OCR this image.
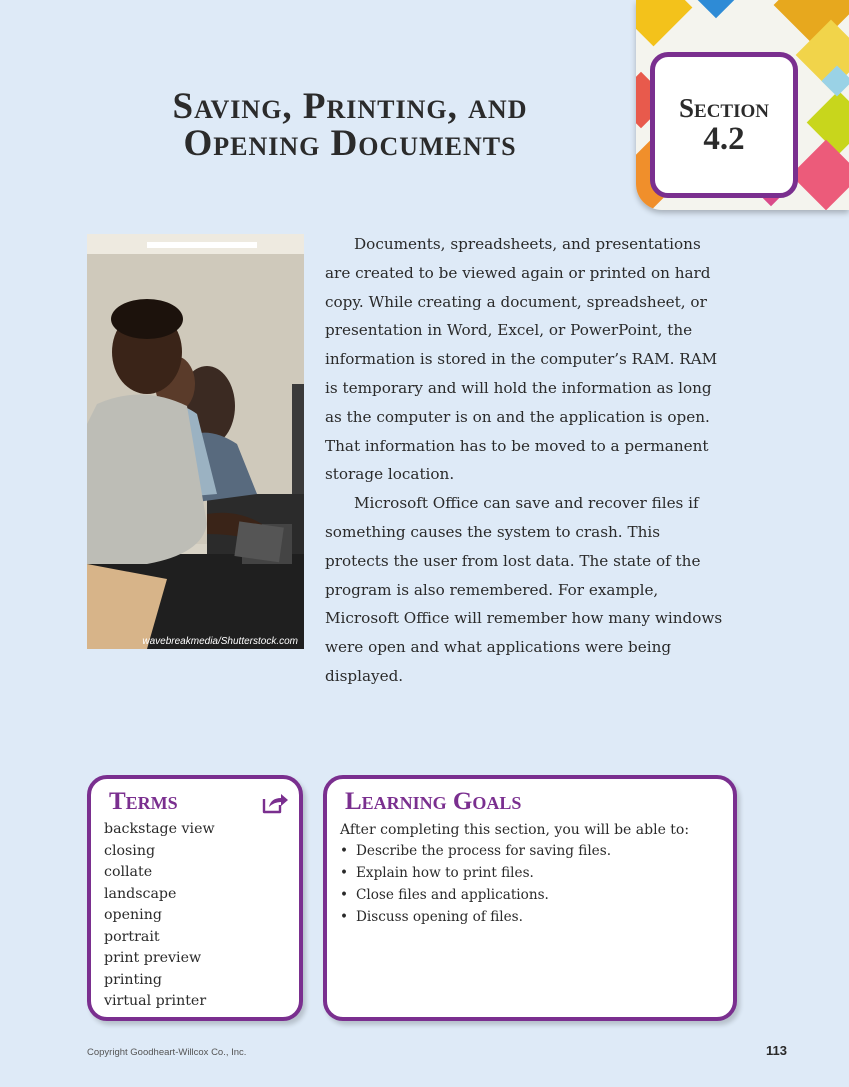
Saving, Printing, and
Opening Documents
Section
4.2
wavebreakmedia/Shutterstock.com

Documents, spreadsheets, and presentations are created to be viewed again or printed on hard copy. While creating a document, spreadsheet, or presentation in Word, Excel, or PowerPoint, the information is stored in the computer’s RAM. RAM is temporary and will hold the information as long as the computer is on and the application is open. That information has to be moved to a permanent storage location.

Microsoft Office can save and recover files if something causes the system to crash. This protects the user from lost data. The state of the program is also remembered. For example, Microsoft Office will remember how many windows were open and what applications were being displayed.

Terms
backstage view
closing
collate
landscape
opening
portrait
print preview
printing
virtual printer
Learning Goals
After completing this section, you will be able to:
• Describe the process for saving files.
• Explain how to print files.
• Close files and applications.
• Discuss opening of files.
Copyright Goodheart-Willcox Co., Inc.	113
